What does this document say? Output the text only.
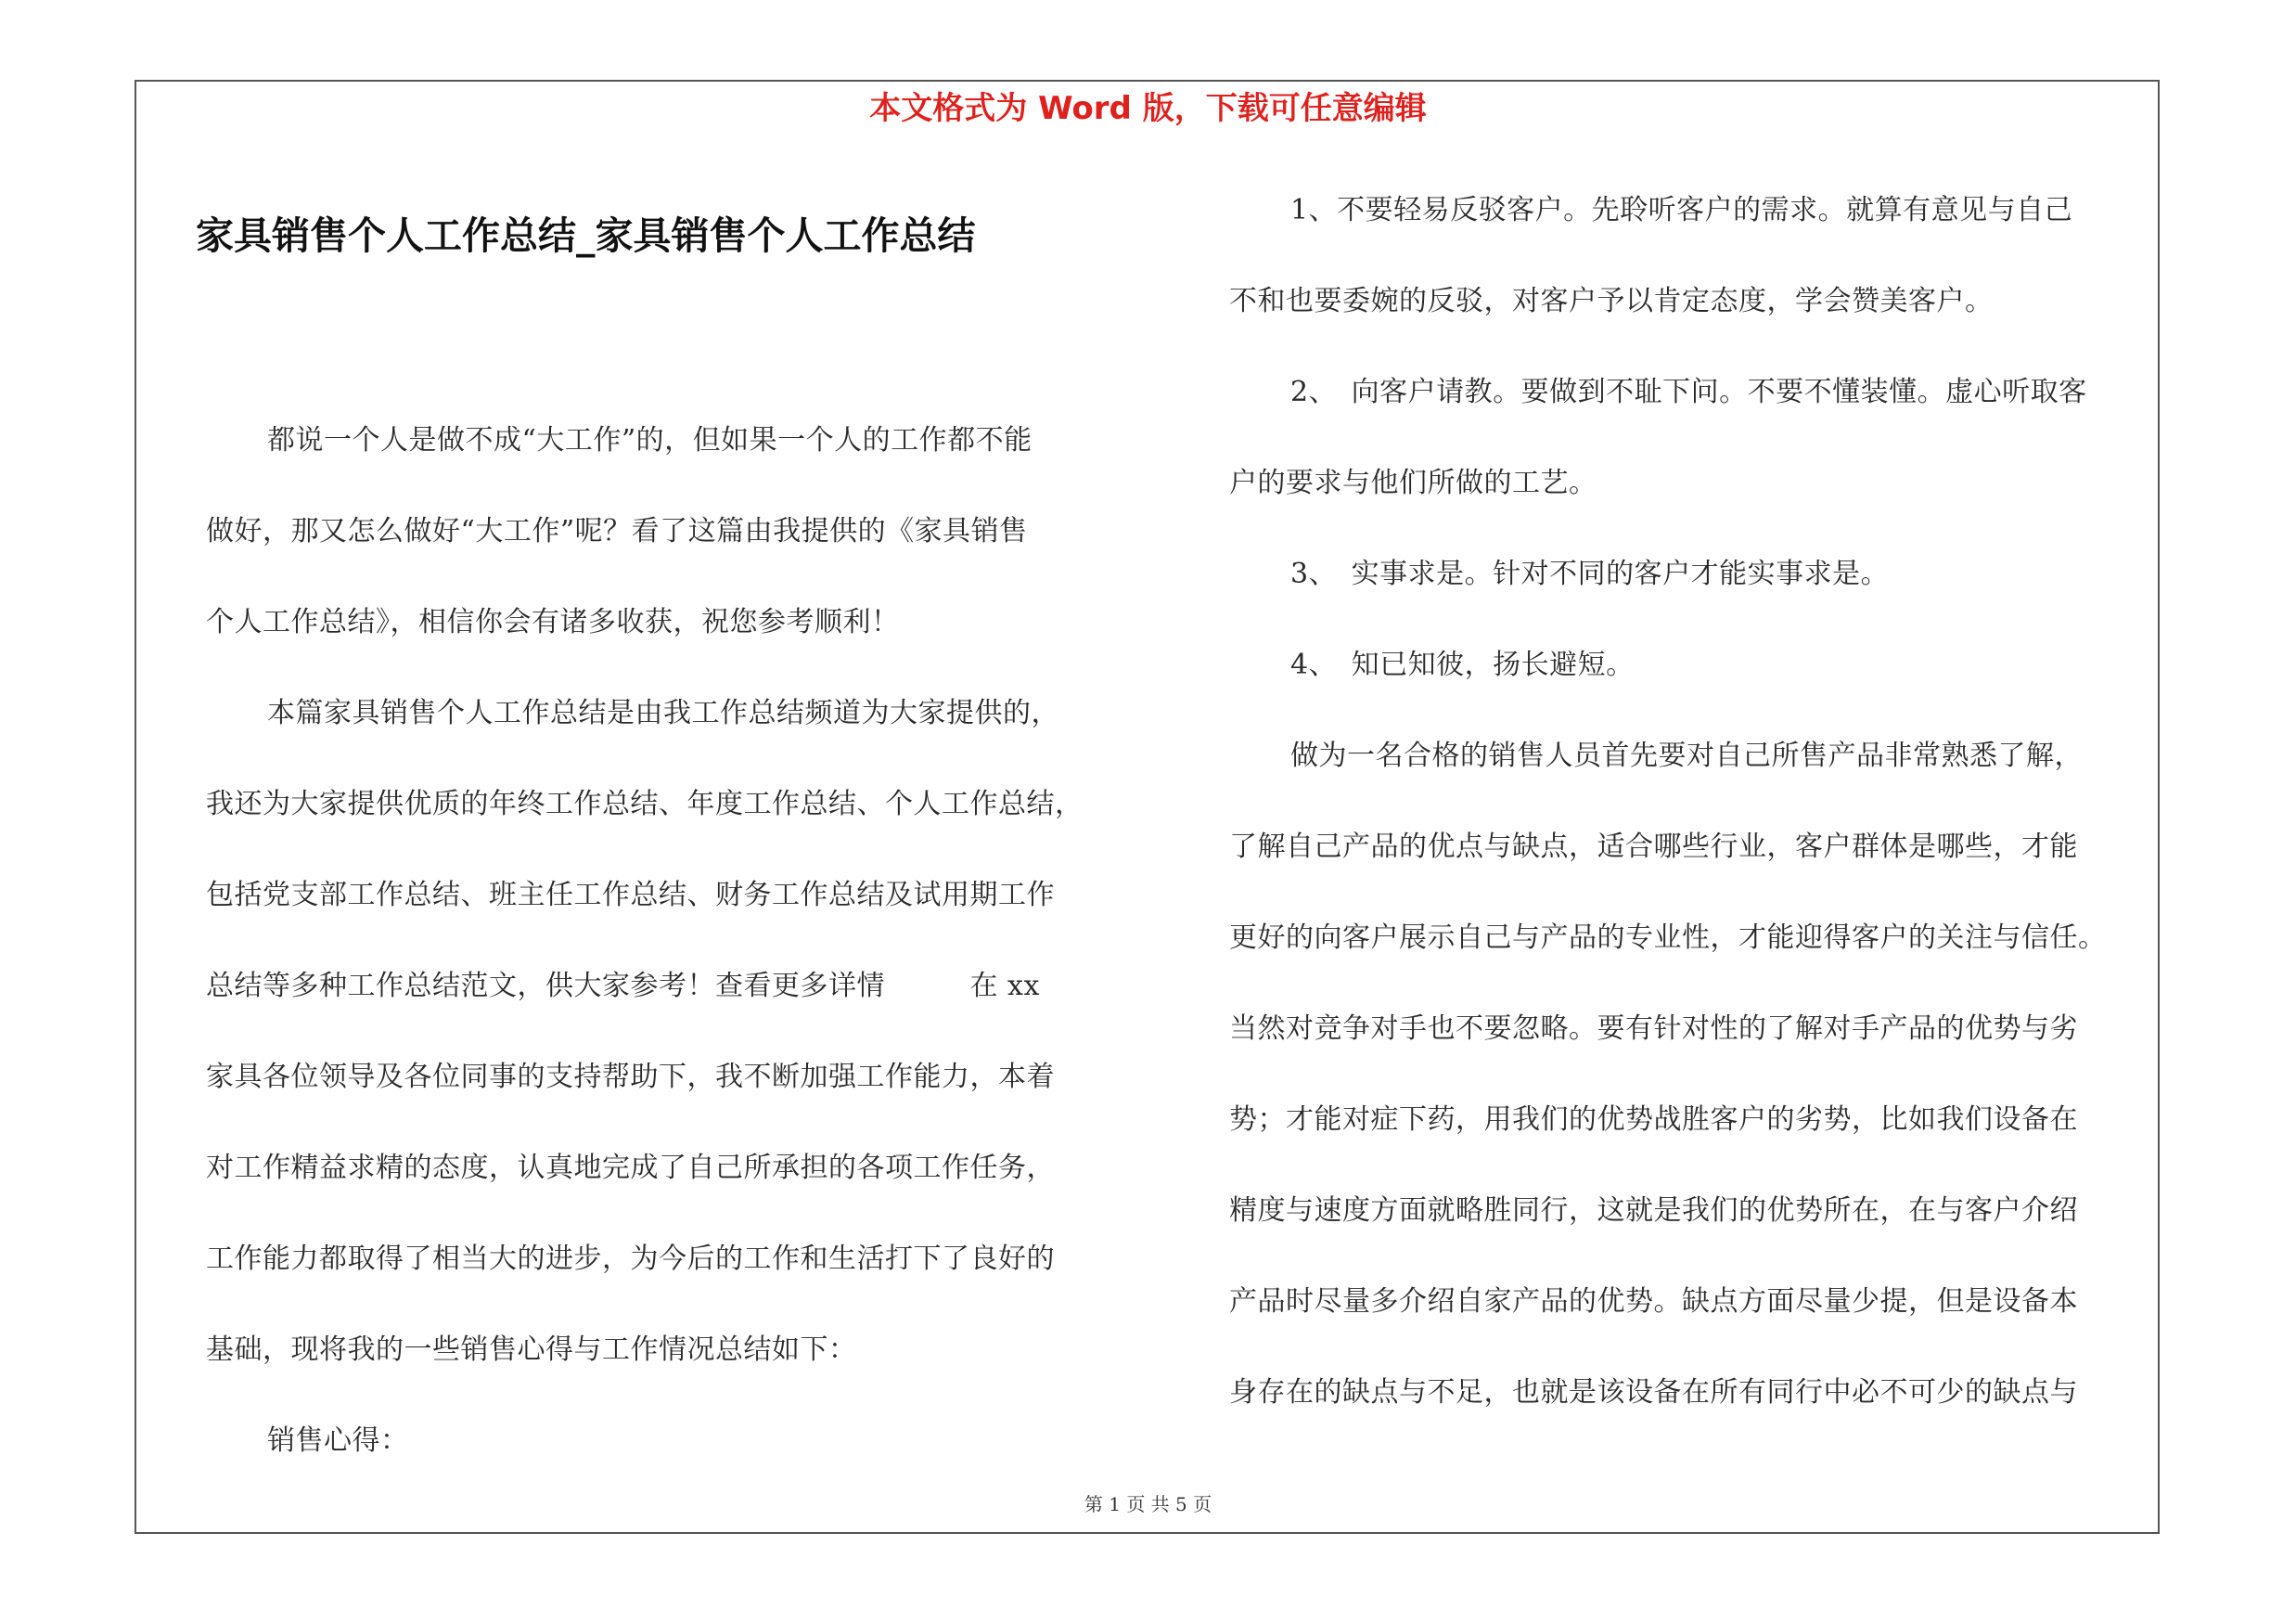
本文格式为 Word 版，下载可任意编辑
家具销售个人工作总结_家具销售个人工作总结
都说一个人是做不成“大工作”的，但如果一个人的工作都不能
做好，那又怎么做好“大工作”呢？看了这篇由我提供的《家具销售
个人工作总结》，相信你会有诸多收获，祝您参考顺利！
本篇家具销售个人工作总结是由我工作总结频道为大家提供的，
我还为大家提供优质的年终工作总结、年度工作总结、个人工作总结，
包括党支部工作总结、班主任工作总结、财务工作总结及试用期工作
总结等多种工作总结范文，供大家参考！查看更多详情　　　在 xx
家具各位领导及各位同事的支持帮助下，我不断加强工作能力，本着
对工作精益求精的态度，认真地完成了自己所承担的各项工作任务，
工作能力都取得了相当大的进步，为今后的工作和生活打下了良好的
基础，现将我的一些销售心得与工作情况总结如下：
销售心得：
1、不要轻易反驳客户。先聆听客户的需求。就算有意见与自己
不和也要委婉的反驳，对客户予以肯定态度，学会赞美客户。
2、　向客户请教。要做到不耻下问。不要不懂装懂。虚心听取客
户的要求与他们所做的工艺。
3、　实事求是。针对不同的客户才能实事求是。
4、　知已知彼，扬长避短。
做为一名合格的销售人员首先要对自己所售产品非常熟悉了解，
了解自己产品的优点与缺点，适合哪些行业，客户群体是哪些，才能
更好的向客户展示自己与产品的专业性，才能迎得客户的关注与信任。
当然对竞争对手也不要忽略。要有针对性的了解对手产品的优势与劣
势；才能对症下药，用我们的优势战胜客户的劣势，比如我们设备在
精度与速度方面就略胜同行，这就是我们的优势所在，在与客户介绍
产品时尽量多介绍自家产品的优势。缺点方面尽量少提，但是设备本
身存在的缺点与不足，也就是该设备在所有同行中必不可少的缺点与
第 1 页 共 5 页
